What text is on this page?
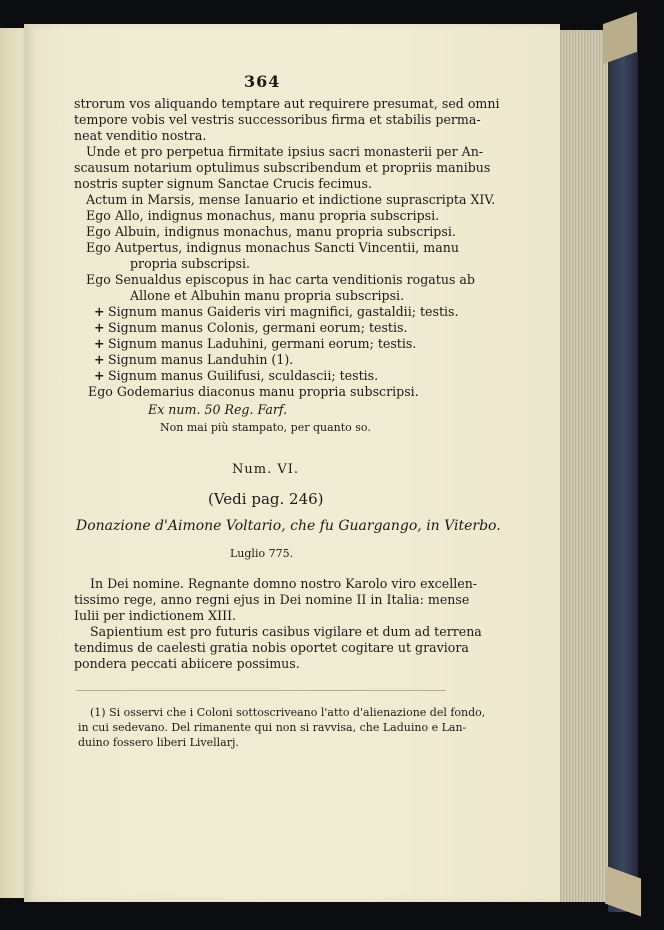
364
strorum vos aliquando temptare aut requirere presumat, sed omni
tempore vobis vel vestris successoribus firma et stabilis perma-
neat venditio nostra.
Unde et pro perpetua firmitate ipsius sacri monasterii per An-
scausum notarium optulimus subscribendum et propriis manibus
nostris supter signum Sanctae Crucis fecimus.
Actum in Marsis, mense Ianuario et indictione suprascripta XIV.
Ego Allo, indignus monachus, manu propria subscripsi.
Ego Albuin, indignus monachus, manu propria subscripsi.
Ego Autpertus, indignus monachus Sancti Vincentii, manu
propria subscripsi.
Ego Senualdus episcopus in hac carta venditionis rogatus ab
Allone et Albuhin manu propria subscripsi.
+ Signum manus Gaideris viri magnifici, gastaldii; testis.
+ Signum manus Colonis, germani eorum; testis.
+ Signum manus Laduhini, germani eorum; testis.
+ Signum manus Landuhin (1).
+ Signum manus Guilifusi, sculdascii; testis.
Ego Godemarius diaconus manu propria subscripsi.
Ex num. 50 Reg. Farf.
Non mai più stampato, per quanto so.
Num. VI.
(Vedi pag. 246)
Donazione d'Aimone Voltario, che fu Guargango, in Viterbo.
Luglio 775.
In Dei nomine. Regnante domno nostro Karolo viro excellen-
tissimo rege, anno regni ejus in Dei nomine II in Italia: mense
Iulii per indictionem XIII.
Sapientium est pro futuris casibus vigilare et dum ad terrena
tendimus de caelesti gratia nobis oportet cogitare ut graviora
pondera peccati abiicere possimus.
(1) Si osservi che i Coloni sottoscriveano l'atto d'alienazione del fondo,
in cui sedevano. Del rimanente qui non si ravvisa, che Laduino e Lan-
duino fossero liberi Livellarj.
